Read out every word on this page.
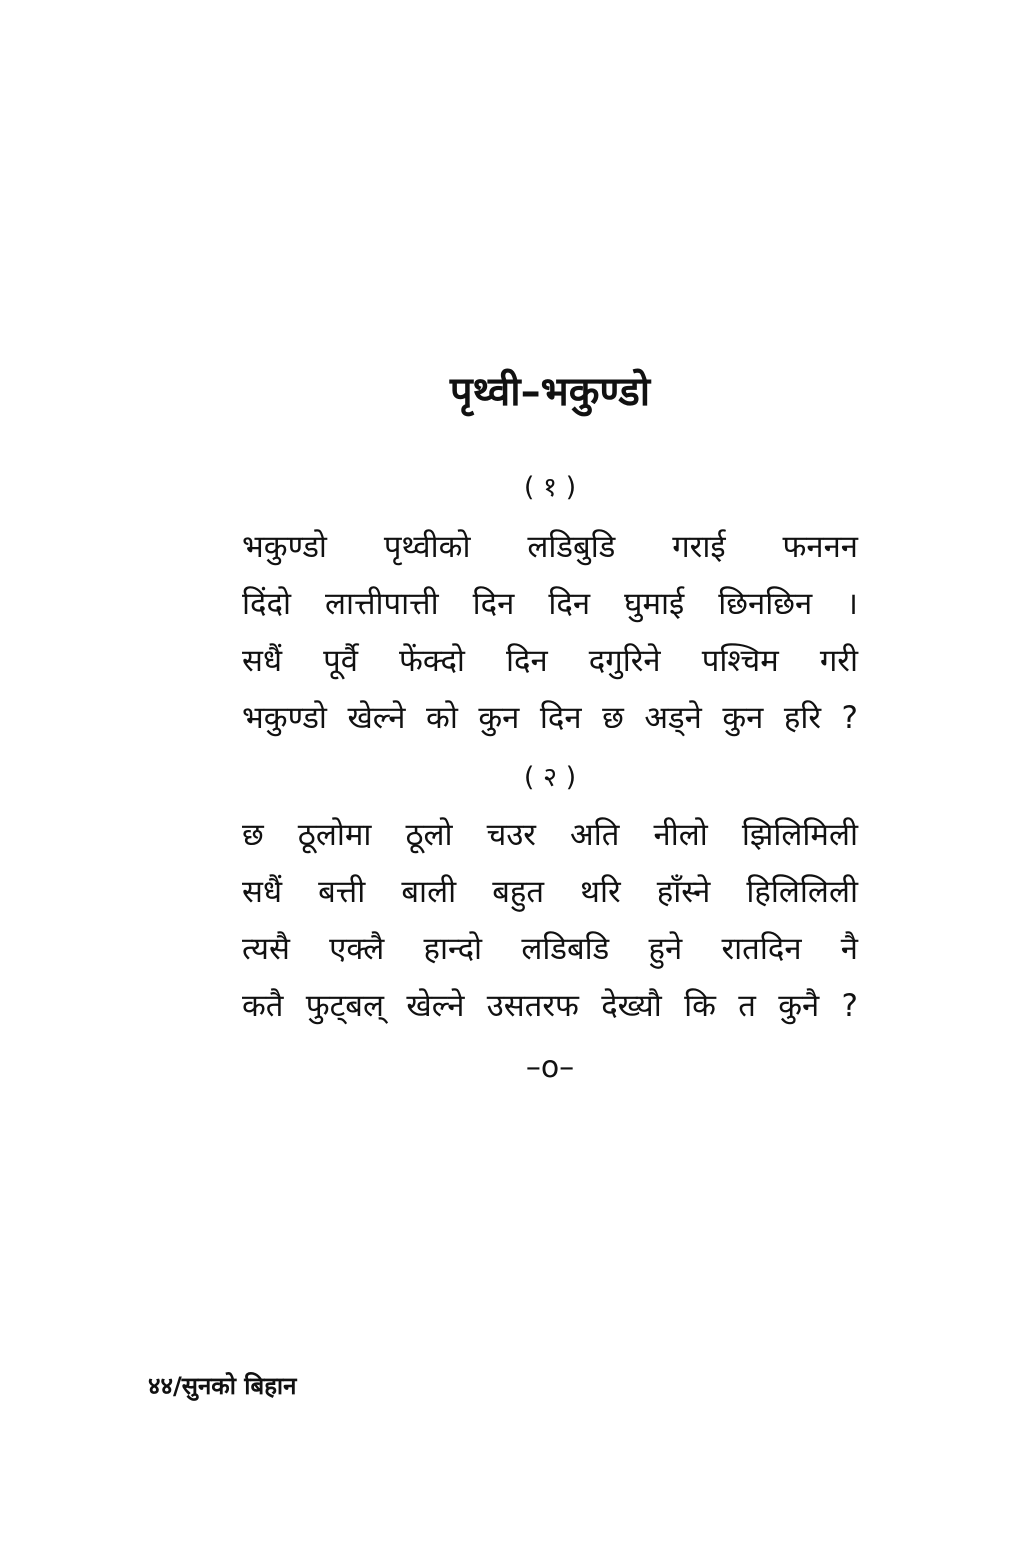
पृथ्वी–भकुण्डो
( १ )
भकुण्डो पृथ्वीको लडिबुडि गराई फननन
दिंदो लात्तीपात्ती दिन दिन घुमाई छिनछिन ।
सधैं पूर्वै फेंक्दो दिन दगुरिने पश्चिम गरी
भकुण्डो खेल्ने को कुन दिन छ अड्ने कुन हरि ?
( २ )
छ ठूलोमा ठूलो चउर अति नीलो झिलिमिली
सधैं बत्ती बाली बहुत थरि हाँस्ने हिलिलिली
त्यसै एक्लै हान्दो लडिबडि हुने रातदिन नै
कतै फुट्बल् खेल्ने उसतरफ देख्यौ कि त कुनै ?
–o–
४४/सुनको बिहान
